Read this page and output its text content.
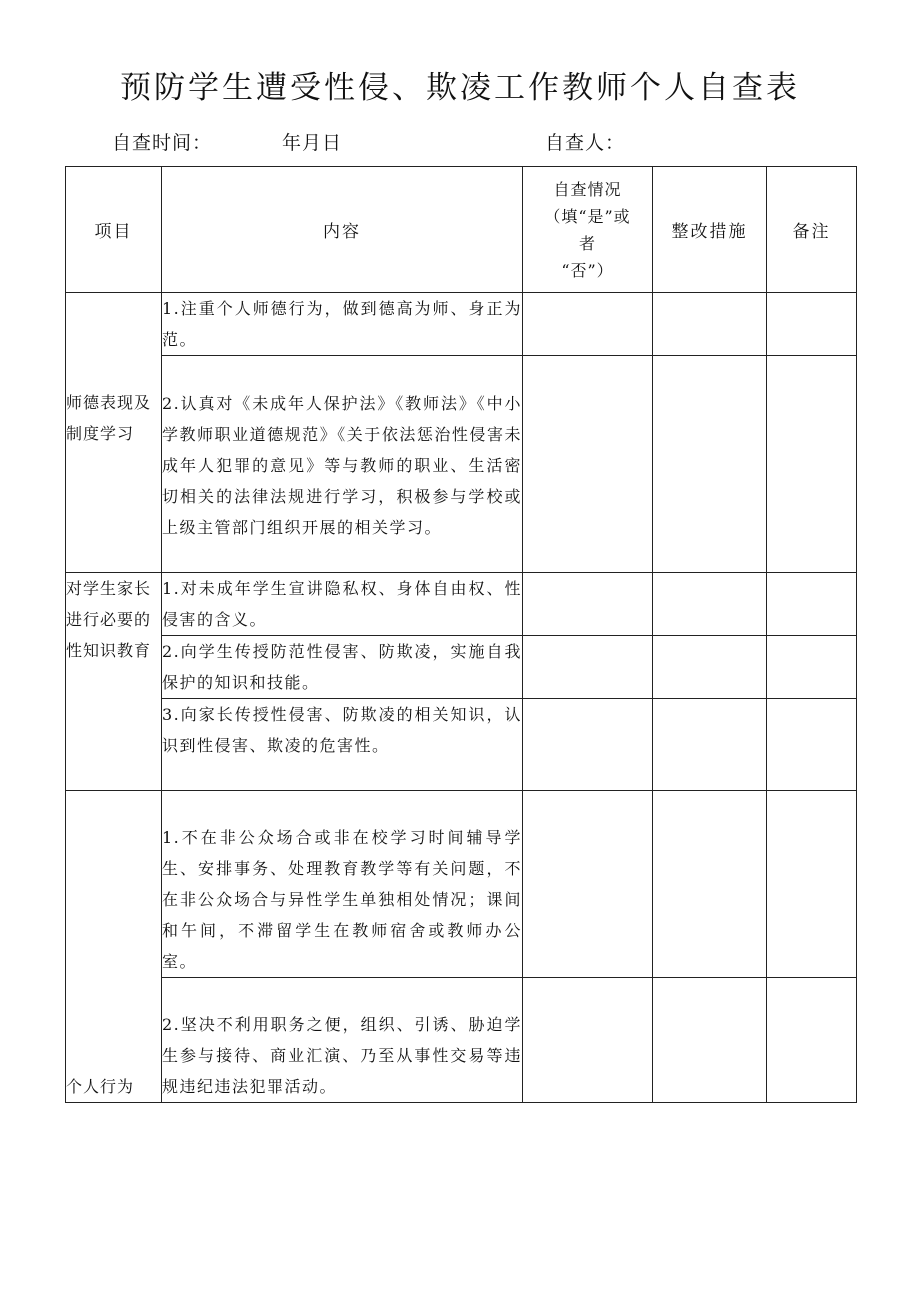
预防学生遭受性侵、欺凌工作教师个人自查表
自查时间：	年月日	自查人：
项目	内容	自查情况
（填“是”或
者
“否”）	整改措施	备注
师德表现及制度学习	1.注重个人师德行为，做到德高为师、身正为范。			
	2.认真对《未成年人保护法》《教师法》《中小学教师职业道德规范》《关于依法惩治性侵害未成年人犯罪的意见》等与教师的职业、生活密切相关的法律法规进行学习，积极参与学校或上级主管部门组织开展的相关学习。			
对学生家长进行必要的性知识教育	1.对未成年学生宣讲隐私权、身体自由权、性侵害的含义。			
	2.向学生传授防范性侵害、防欺凌，实施自我保护的知识和技能。			
	3.向家长传授性侵害、防欺凌的相关知识，认识到性侵害、欺凌的危害性。			
个人行为	1.不在非公众场合或非在校学习时间辅导学生、安排事务、处理教育教学等有关问题，不在非公众场合与异性学生单独相处情况；课间和午间，不滞留学生在教师宿舍或教师办公室。			
	2.坚决不利用职务之便，组织、引诱、胁迫学生参与接待、商业汇演、乃至从事性交易等违规违纪违法犯罪活动。			
